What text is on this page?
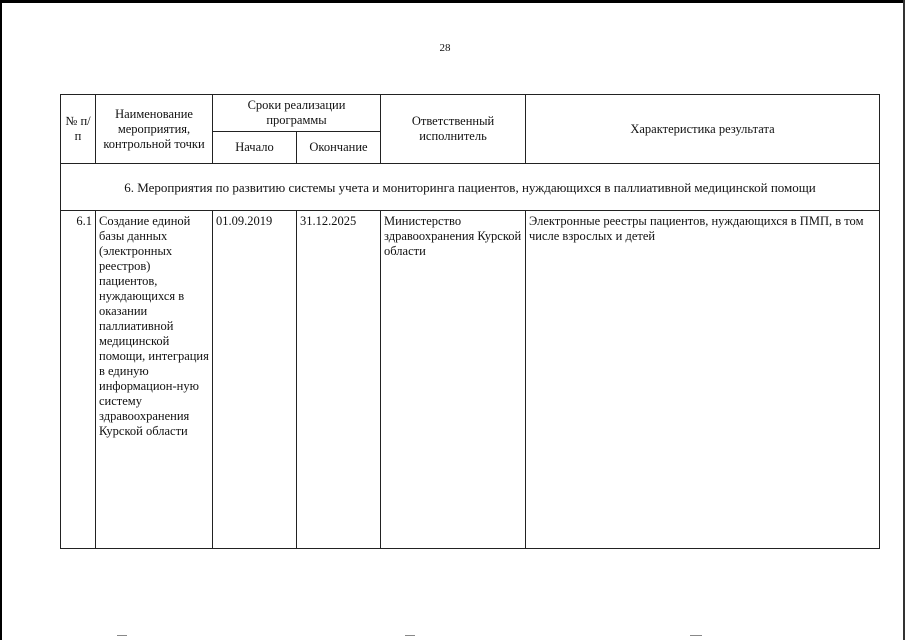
28
№ п/п	Наименование мероприятия, контрольной точки	Сроки реализации программы		Ответственный исполнитель	Характеристика результата
		Начало	Окончание		
6. Мероприятия по развитию системы учета и мониторинга пациентов, нуждающихся в паллиативной медицинской помощи					
6.1	Создание единой базы данных (электронных реестров) пациентов, нуждающихся в оказании паллиативной медицинской помощи, интеграция в единую информацион-ную систему здравоохранения Курской области	01.09.2019	31.12.2025	Министерство здравоохранения Курской области	Электронные реестры пациентов, нуждающихся в ПМП, в том числе взрослых и детей
